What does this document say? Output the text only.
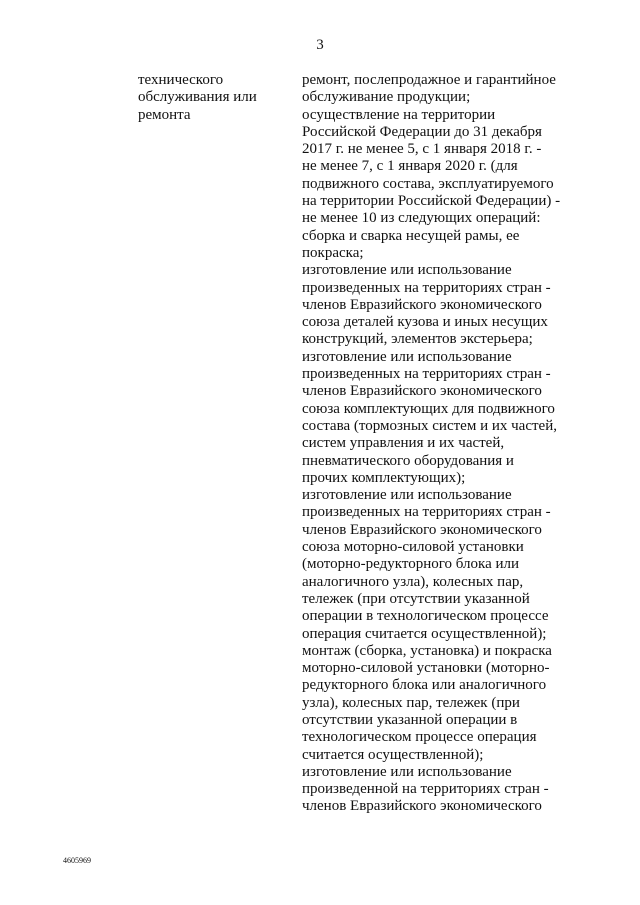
3
технического
обслуживания или
ремонта
ремонт, послепродажное и гарантийное
обслуживание продукции;
осуществление на территории
Российской Федерации до 31 декабря
2017 г. не менее 5, с 1 января 2018 г. -
не менее 7, с 1 января 2020 г. (для
подвижного состава, эксплуатируемого
на территории Российской Федерации) -
не менее 10 из следующих операций:
сборка и сварка несущей рамы, ее
покраска;
изготовление или использование
произведенных на территориях стран -
членов Евразийского экономического
союза деталей кузова и иных несущих
конструкций, элементов экстерьера;
изготовление или использование
произведенных на территориях стран -
членов Евразийского экономического
союза комплектующих для подвижного
состава (тормозных систем и их частей,
систем управления и их частей,
пневматического оборудования и
прочих комплектующих);
изготовление или использование
произведенных на территориях стран -
членов Евразийского экономического
союза моторно-силовой установки
(моторно-редукторного блока или
аналогичного узла), колесных пар,
тележек (при отсутствии указанной
операции в технологическом процессе
операция считается осуществленной);
монтаж (сборка, установка) и покраска
моторно-силовой установки (моторно-
редукторного блока или аналогичного
узла), колесных пар, тележек (при
отсутствии указанной операции в
технологическом процессе операция
считается осуществленной);
изготовление или использование
произведенной на территориях стран -
членов Евразийского экономического
4605969
